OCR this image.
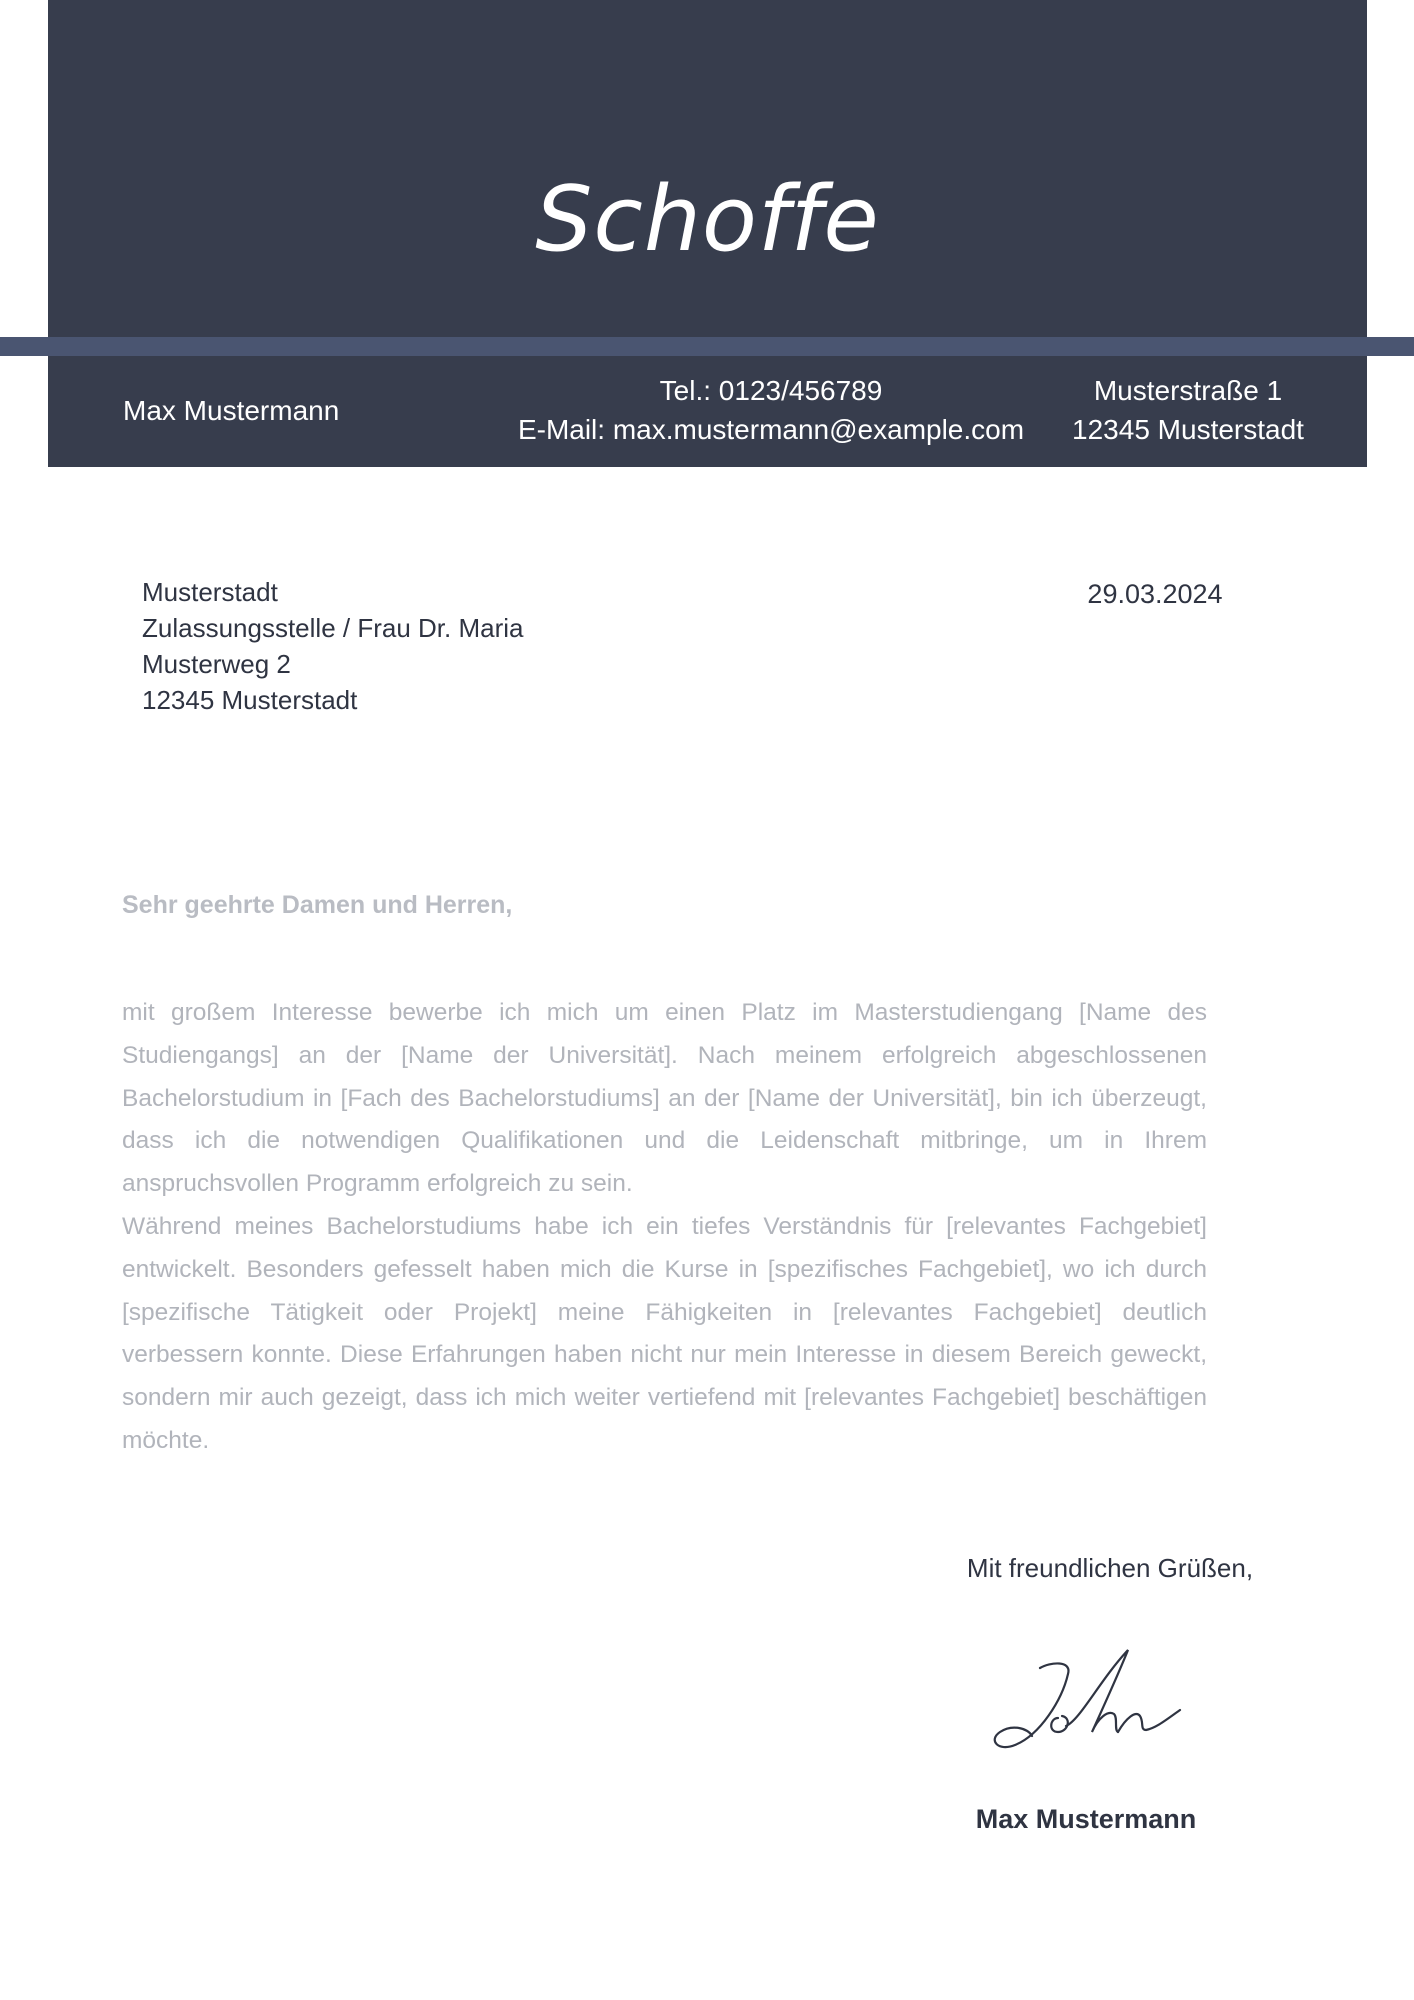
Schoffe
Max Mustermann
Tel.: 0123/456789
E-Mail: max.mustermann@example.com
Musterstraße 1
12345 Musterstadt
Musterstadt
Zulassungsstelle / Frau Dr. Maria
Musterweg 2
12345 Musterstadt
29.03.2024
Sehr geehrte Damen und Herren,

mit großem Interesse bewerbe ich mich um einen Platz im Masterstudiengang [Name des Studiengangs] an der [Name der Universität]. Nach meinem erfolgreich abgeschlossenen Bachelorstudium in [Fach des Bachelorstudiums] an der [Name der Universität], bin ich überzeugt, dass ich die notwendigen Qualifikationen und die Leidenschaft mitbringe, um in Ihrem anspruchsvollen Programm erfolgreich zu sein.

Während meines Bachelorstudiums habe ich ein tiefes Verständnis für [relevantes Fachgebiet] entwickelt. Besonders gefesselt haben mich die Kurse in [spezifisches Fachgebiet], wo ich durch [spezifische Tätigkeit oder Projekt] meine Fähigkeiten in [relevantes Fachgebiet] deutlich verbessern konnte. Diese Erfahrungen haben nicht nur mein Interesse in diesem Bereich geweckt, sondern mir auch gezeigt, dass ich mich weiter vertiefend mit [relevantes Fachgebiet] beschäftigen möchte.

Mit freundlichen Grüßen,
Max Mustermann
